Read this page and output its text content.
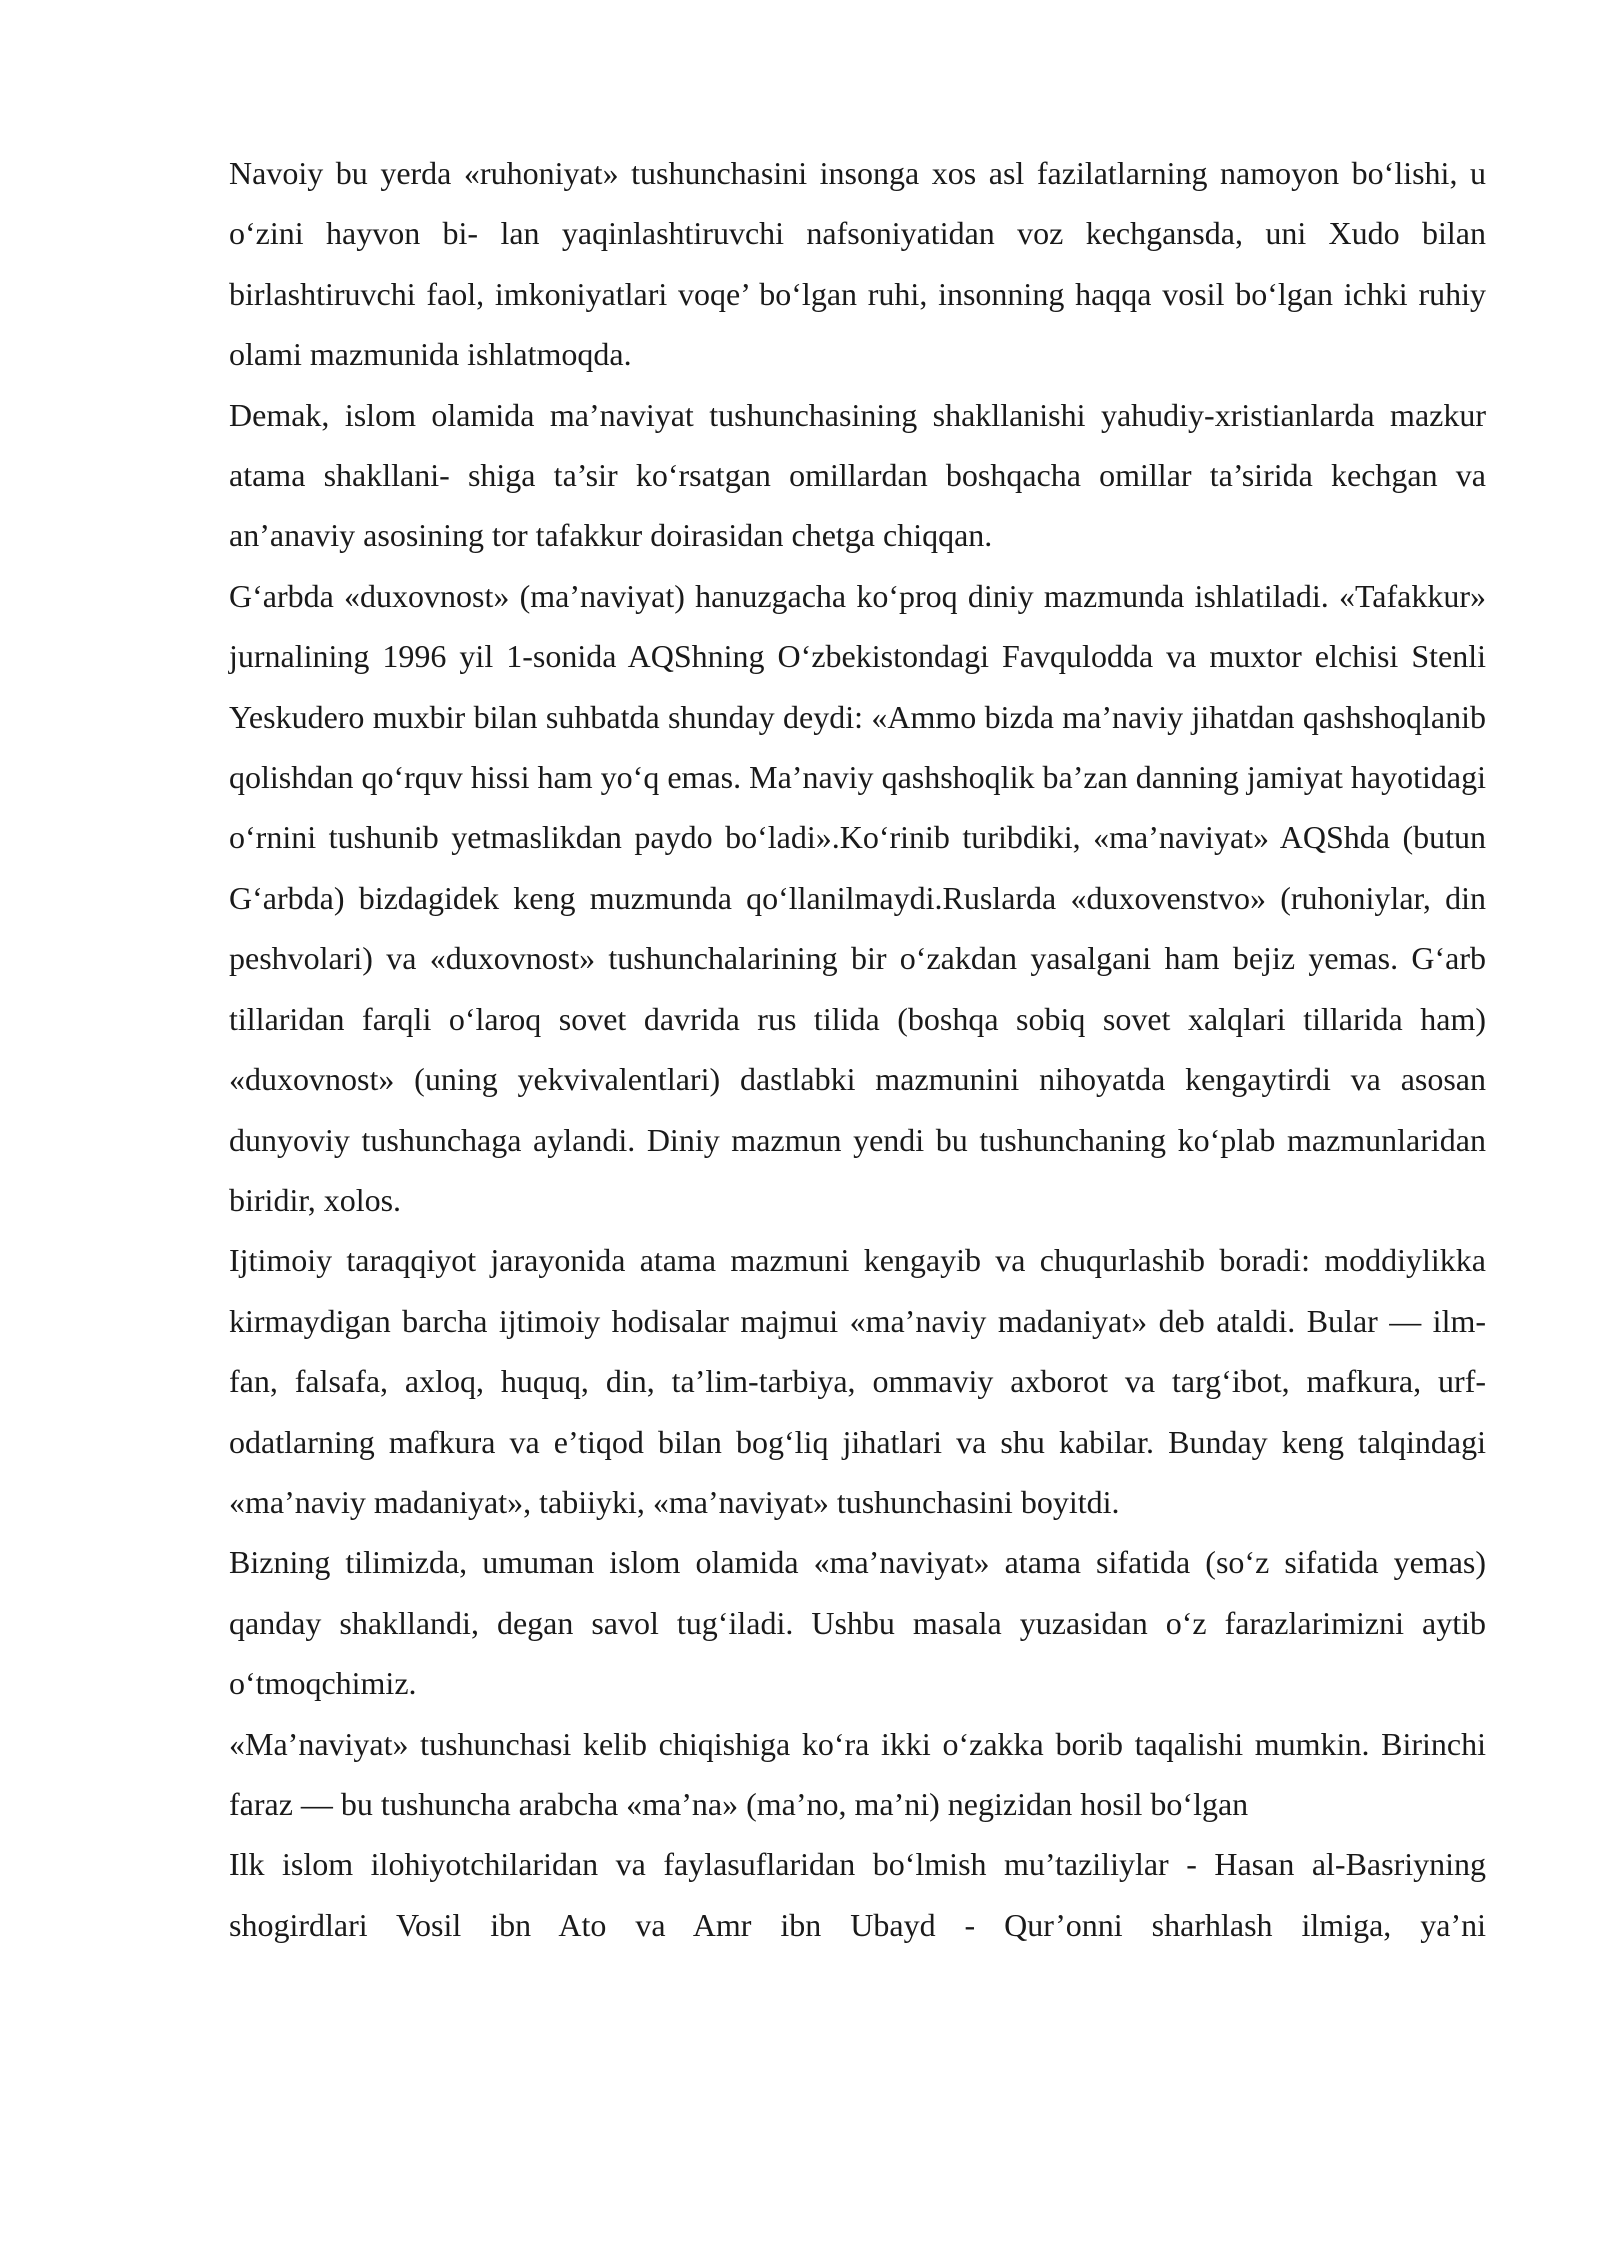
Navoiy bu yerda «ruhoniyat» tushunchasini insonga xos asl fazilatlarning namoyon boʻlishi, u oʻzini hayvon bi- lan yaqinlashtiruvchi nafsoniyatidan voz kechgansda, uni Xudo bilan birlashtiruvchi faol, imkoniyatlari voqe’ boʻlgan ruhi, insonning haqqa vosil boʻlgan ichki ruhiy olami mazmunida ishlatmoqda.

Demak, islom olamida ma’naviyat tushunchasining shakllanishi yahudiy-xristianlarda mazkur atama shakllani- shiga ta’sir koʻrsatgan omillardan boshqacha omillar ta’sirida kechgan va an’anaviy asosining tor tafakkur doirasidan chetga chiqqan.

Gʻarbda «duxovnost» (ma’naviyat) hanuzgacha koʻproq diniy mazmunda ishlatiladi. «Tafakkur» jurnalining 1996 yil 1-sonida AQShning Oʻzbekistondagi Favqulodda va muxtor elchisi Stenli Yeskudero muxbir bilan suhbatda shunday deydi: «Ammo bizda ma’naviy jihatdan qashshoqlanib qolishdan qoʻrquv hissi ham yoʻq emas. Ma’naviy qashshoqlik ba’zan danning jamiyat hayotidagi oʻrnini tushunib yetmaslikdan paydo boʻladi».Koʻrinib turibdiki, «ma’naviyat» AQShda (butun Gʻarbda) bizdagidek keng muzmunda qoʻllanilmaydi.Ruslarda «duxovenstvo» (ruhoniylar, din peshvolari) va «duxovnost» tushunchalarining bir oʻzakdan yasalgani ham bejiz yemas. Gʻarb tillaridan farqli oʻlaroq sovet davrida rus tilida (boshqa sobiq sovet xalqlari tillarida ham) «duxovnost» (uning yekvivalentlari) dastlabki mazmunini nihoyatda kengaytirdi va asosan dunyoviy tushunchaga aylandi. Diniy mazmun yendi bu tushunchaning koʻplab mazmunlaridan biridir, xolos.

Ijtimoiy taraqqiyot jarayonida atama mazmuni kengayib va chuqurlashib boradi: moddiylikka kirmaydigan barcha ijtimoiy hodisalar majmui «ma’naviy madaniyat» deb ataldi. Bular — ilm-fan, falsafa, axloq, huquq, din, ta’lim-tarbiya, ommaviy axborot va targʻibot, mafkura, urf-odatlarning mafkura va e’tiqod bilan bogʻliq jihatlari va shu kabilar. Bunday keng talqindagi «ma’naviy madaniyat», tabiiyki, «ma’naviyat» tushunchasini boyitdi.

Bizning tilimizda, umuman islom olamida «ma’naviyat» atama sifatida (soʻz sifatida yemas) qanday shakllandi, degan savol tugʻiladi. Ushbu masala yuzasidan oʻz farazlarimizni aytib oʻtmoqchimiz.

«Ma’naviyat» tushunchasi kelib chiqishiga koʻra ikki oʻzakka borib taqalishi mumkin. Birinchi faraz — bu tushuncha arabcha «ma’na» (ma’no, ma’ni) negizidan hosil boʻlgan

Ilk islom ilohiyotchilaridan va faylasuflaridan boʻlmish mu’taziliylar - Hasan al-Basriyning shogirdlari Vosil ibn Ato va Amr ibn Ubayd - Qur’onni sharhlash ilmiga, ya’ni
